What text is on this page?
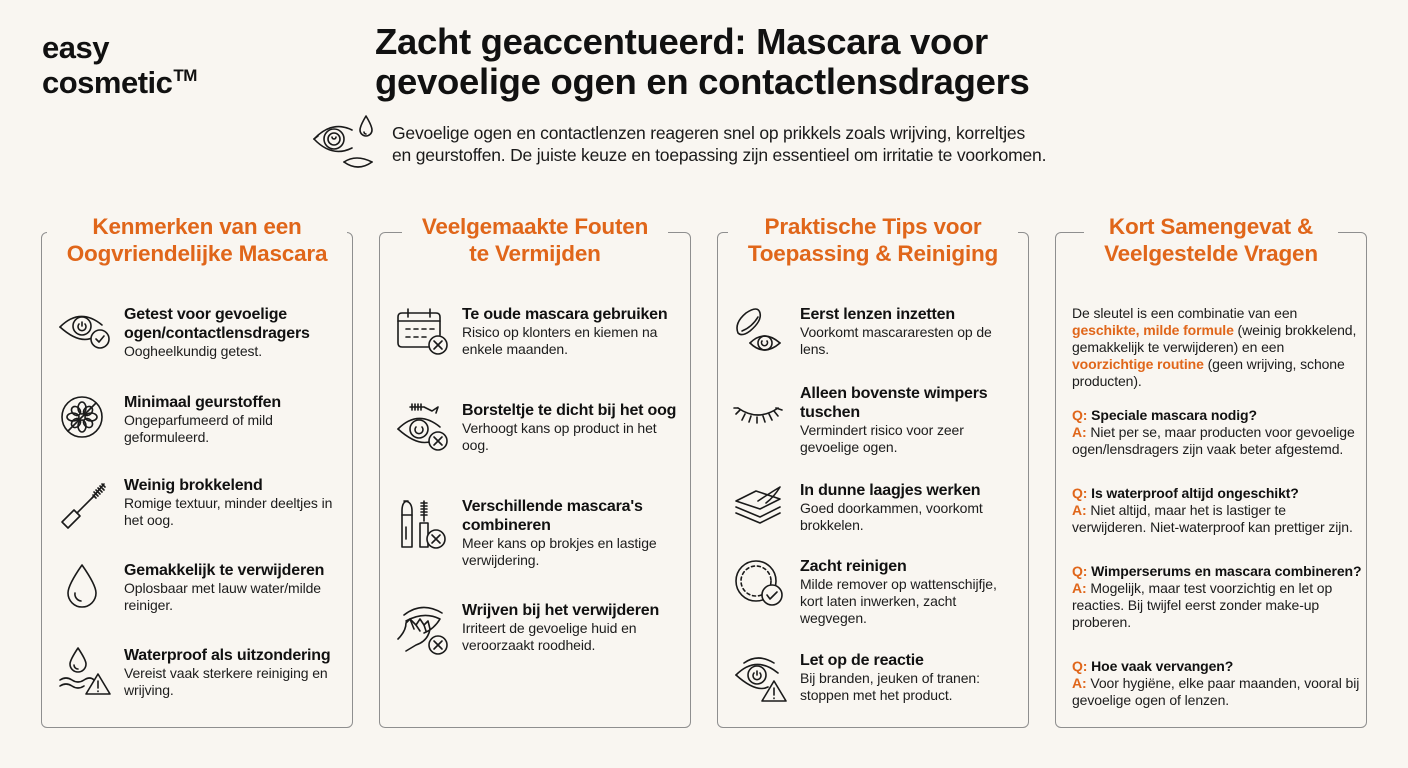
easy
cosmetic™
Zacht geaccentueerd: Mascara voor
gevoelige ogen en contactlensdragers
Gevoelige ogen en contactlenzen reageren snel op prikkels zoals wrijving, korreltjes
en geurstoffen. De juiste keuze en toepassing zijn essentieel om irritatie te voorkomen.
Kenmerken van een
Oogvriendelijke Mascara
Getest voor gevoelige ogen/contactlensdragers
Oogheelkundig getest.
Minimaal geurstoffen
Ongeparfumeerd of mild geformuleerd.
Weinig brokkelend
Romige textuur, minder deeltjes in het oog.
Gemakkelijk te verwijderen
Oplosbaar met lauw water/milde reiniger.
Waterproof als uitzondering
Vereist vaak sterkere reiniging en wrijving.
Veelgemaakte Fouten
te Vermijden
Te oude mascara gebruiken
Risico op klonters en kiemen na enkele maanden.
Borsteltje te dicht bij het oog
Verhoogt kans op product in het oog.
Verschillende mascara's combineren
Meer kans op brokjes en lastige verwijdering.
Wrijven bij het verwijderen
Irriteert de gevoelige huid en veroorzaakt roodheid.
Praktische Tips voor
Toepassing & Reiniging
Eerst lenzen inzetten
Voorkomt mascararesten op de lens.
Alleen bovenste wimpers tuschen
Vermindert risico voor zeer gevoelige ogen.
In dunne laagjes werken
Goed doorkammen, voorkomt brokkelen.
Zacht reinigen
Milde remover op wattenschijfje, kort laten inwerken, zacht wegvegen.
Let op de reactie
Bij branden, jeuken of tranen: stoppen met het product.
Kort Samengevat &
Veelgestelde Vragen
De sleutel is een combinatie van een geschikte, milde formule (weinig brokkelend, gemakkelijk te verwijderen) en een voorzichtige routine (geen wrijving, schone producten).
Q: Speciale mascara nodig?
A: Niet per se, maar producten voor gevoelige ogen/lensdragers zijn vaak beter afgestemd.
Q: Is waterproof altijd ongeschikt?
A: Niet altijd, maar het is lastiger te verwijderen. Niet-waterproof kan prettiger zijn.
Q: Wimperserums en mascara combineren?
A: Mogelijk, maar test voorzichtig en let op reacties. Bij twijfel eerst zonder make-up proberen.
Q: Hoe vaak vervangen?
A: Voor hygiëne, elke paar maanden, vooral bij gevoelige ogen of lenzen.
